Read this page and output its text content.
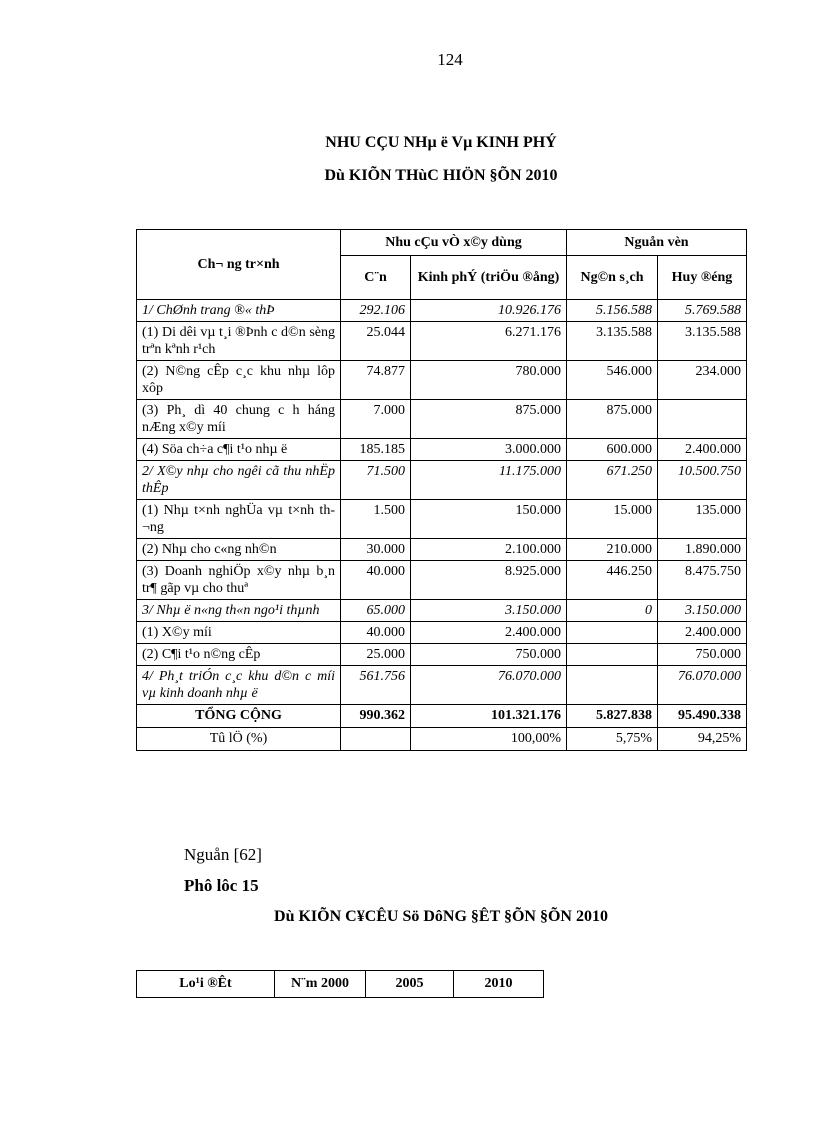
124
NHU CÇU NHµ ë Vµ KINH PHÝ
Dù KIÕN THùC HIÖN §ÕN 2010
Ch¬ ng tr×nh	Nhu cÇu vÒ x©y dùng		Nguån vèn	
	C¨n	Kinh phÝ (triÖu ®ång)	Ng©n s¸ch	Huy ®éng
1/ ChØnh trang ®« thÞ	292.106	10.926.176	5.156.588	5.769.588
(1) Di dêi vµ t¸i ®Þnh c d©n sèng trªn kªnh r¹ch	25.044	6.271.176	3.135.588	3.135.588
(2) N©ng cÊp c¸c khu nhµ lôp xôp	74.877	780.000	546.000	234.000
(3) Ph¸ dì 40 chung c h háng nÆng x©y míi	7.000	875.000	875.000	
(4) Söa ch÷a c¶i t¹o nhµ ë	185.185	3.000.000	600.000	2.400.000
2/ X©y nhµ cho ngêi cã thu nhËp thÊp	71.500	11.175.000	671.250	10.500.750
(1) Nhµ t×nh nghÜa vµ t×nh th¬ng	1.500	150.000	15.000	135.000
(2) Nhµ cho c«ng nh©n	30.000	2.100.000	210.000	1.890.000
(3) Doanh nghiÖp x©y nhµ b¸n tr¶ gãp vµ cho thuª	40.000	8.925.000	446.250	8.475.750
3/ Nhµ ë n«ng th«n ngo¹i thµnh	65.000	3.150.000	0	3.150.000
(1) X©y míi	40.000	2.400.000		2.400.000
(2) C¶i t¹o n©ng cÊp	25.000	750.000		750.000
4/ Ph¸t triÓn c¸c khu d©n c míi vµ kinh doanh nhµ ë	561.756	76.070.000		76.070.000
TỔNG CỘNG	990.362	101.321.176	5.827.838	95.490.338
Tû lÖ (%)		100,00%	5,75%	94,25%
Nguån [62]
Phô lôc 15
Dù KIÕN C¥CÊU Sö DôNG §ÊT §ÕN §ÕN 2010
Lo¹i ®Êt	N¨m 2000	2005	2010
